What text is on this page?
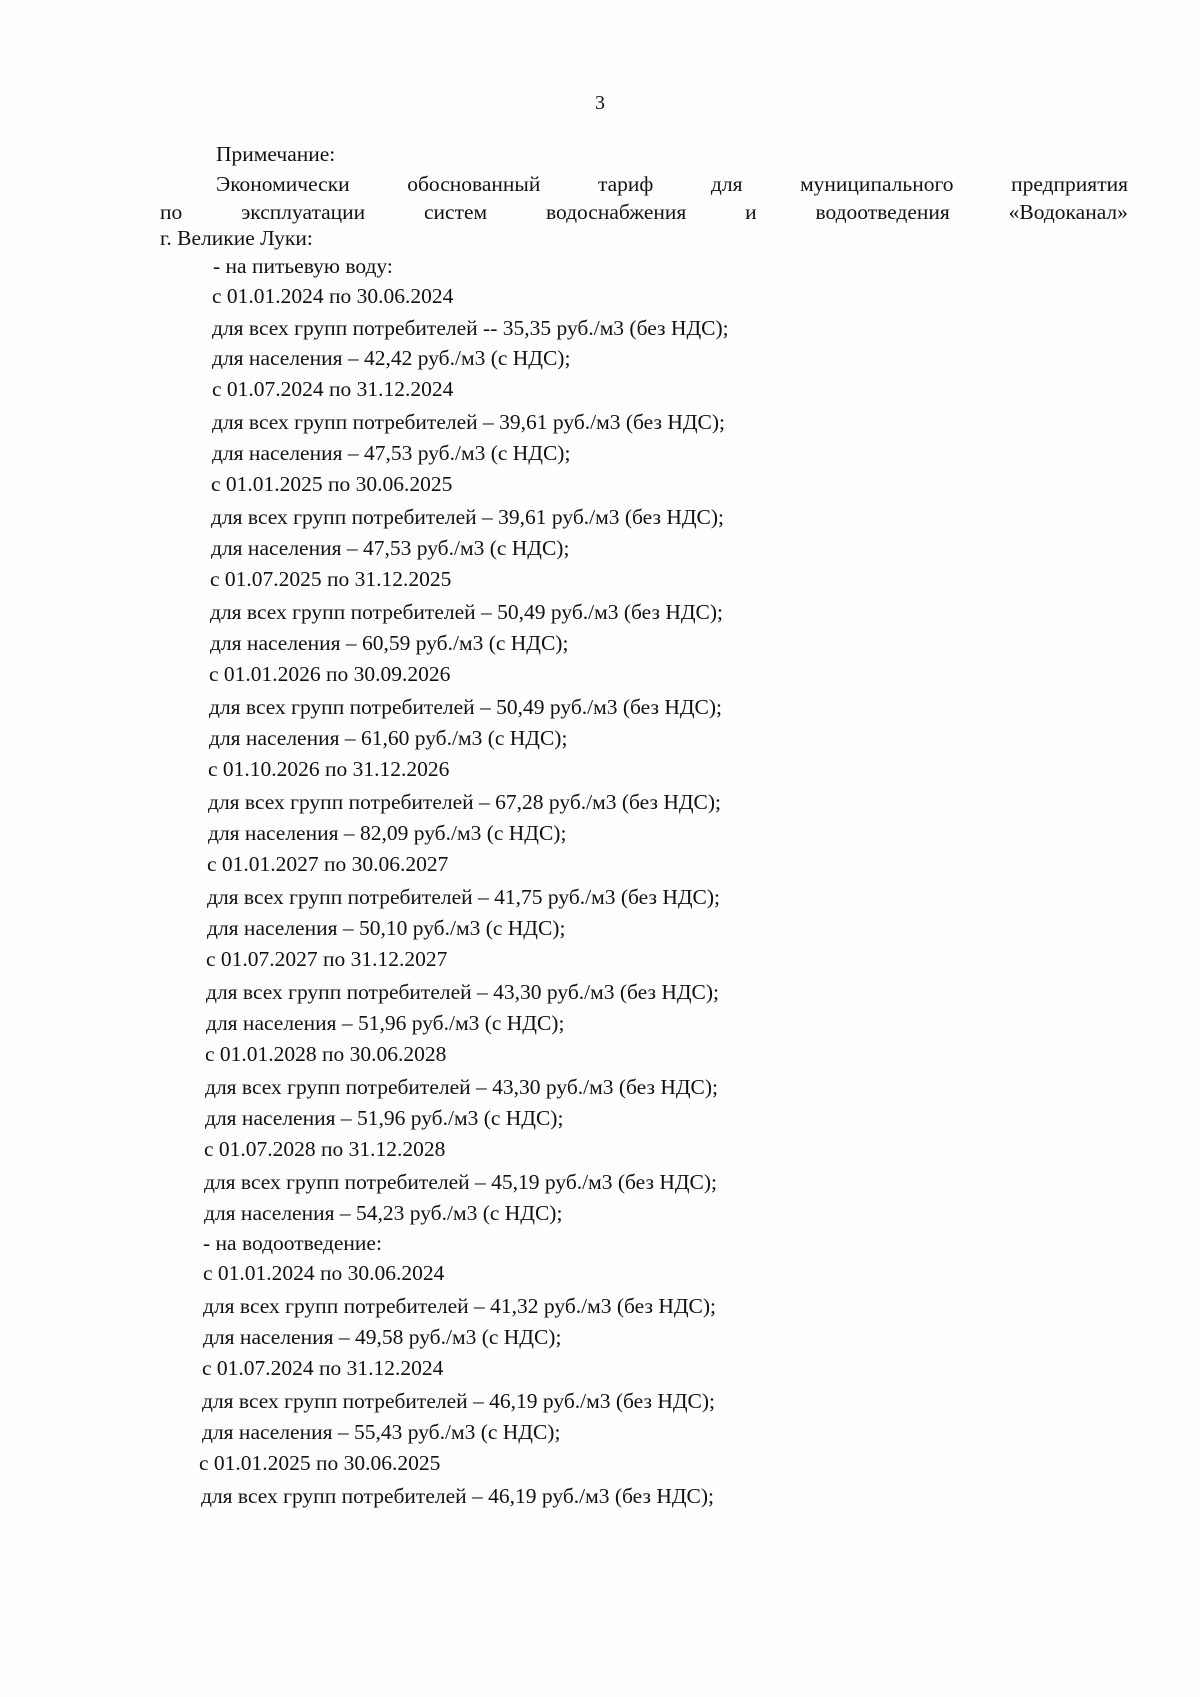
3
Примечание:
Экономически	обоснованный	тариф	для	муниципального	предприятия
по	эксплуатации	систем	водоснабжения	и	водоотведения	«Водоканал»
г. Великие Луки:
- на питьевую воду:
с 01.01.2024 по 30.06.2024
для всех групп потребителей -- 35,35 руб./м3 (без НДС);
для населения – 42,42 руб./м3 (с НДС);
с 01.07.2024 по 31.12.2024
для всех групп потребителей – 39,61 руб./м3 (без НДС);
для населения – 47,53 руб./м3 (с НДС);
с 01.01.2025 по 30.06.2025
для всех групп потребителей – 39,61 руб./м3 (без НДС);
для населения – 47,53 руб./м3 (с НДС);
с 01.07.2025 по 31.12.2025
для всех групп потребителей – 50,49 руб./м3 (без НДС);
для населения – 60,59 руб./м3 (с НДС);
с 01.01.2026 по 30.09.2026
для всех групп потребителей – 50,49 руб./м3 (без НДС);
для населения – 61,60 руб./м3 (с НДС);
с 01.10.2026 по 31.12.2026
для всех групп потребителей – 67,28 руб./м3 (без НДС);
для населения – 82,09 руб./м3 (с НДС);
с 01.01.2027 по 30.06.2027
для всех групп потребителей – 41,75 руб./м3 (без НДС);
для населения – 50,10 руб./м3 (с НДС);
с 01.07.2027 по 31.12.2027
для всех групп потребителей – 43,30 руб./м3 (без НДС);
для населения – 51,96 руб./м3 (с НДС);
с 01.01.2028 по 30.06.2028
для всех групп потребителей – 43,30 руб./м3 (без НДС);
для населения – 51,96 руб./м3 (с НДС);
с 01.07.2028 по 31.12.2028
для всех групп потребителей – 45,19 руб./м3 (без НДС);
для населения – 54,23 руб./м3 (с НДС);
- на водоотведение:
с 01.01.2024 по 30.06.2024
для всех групп потребителей – 41,32 руб./м3 (без НДС);
для населения – 49,58 руб./м3 (с НДС);
с 01.07.2024 по 31.12.2024
для всех групп потребителей – 46,19 руб./м3 (без НДС);
для населения – 55,43 руб./м3 (с НДС);
с 01.01.2025 по 30.06.2025
для всех групп потребителей – 46,19 руб./м3 (без НДС);
